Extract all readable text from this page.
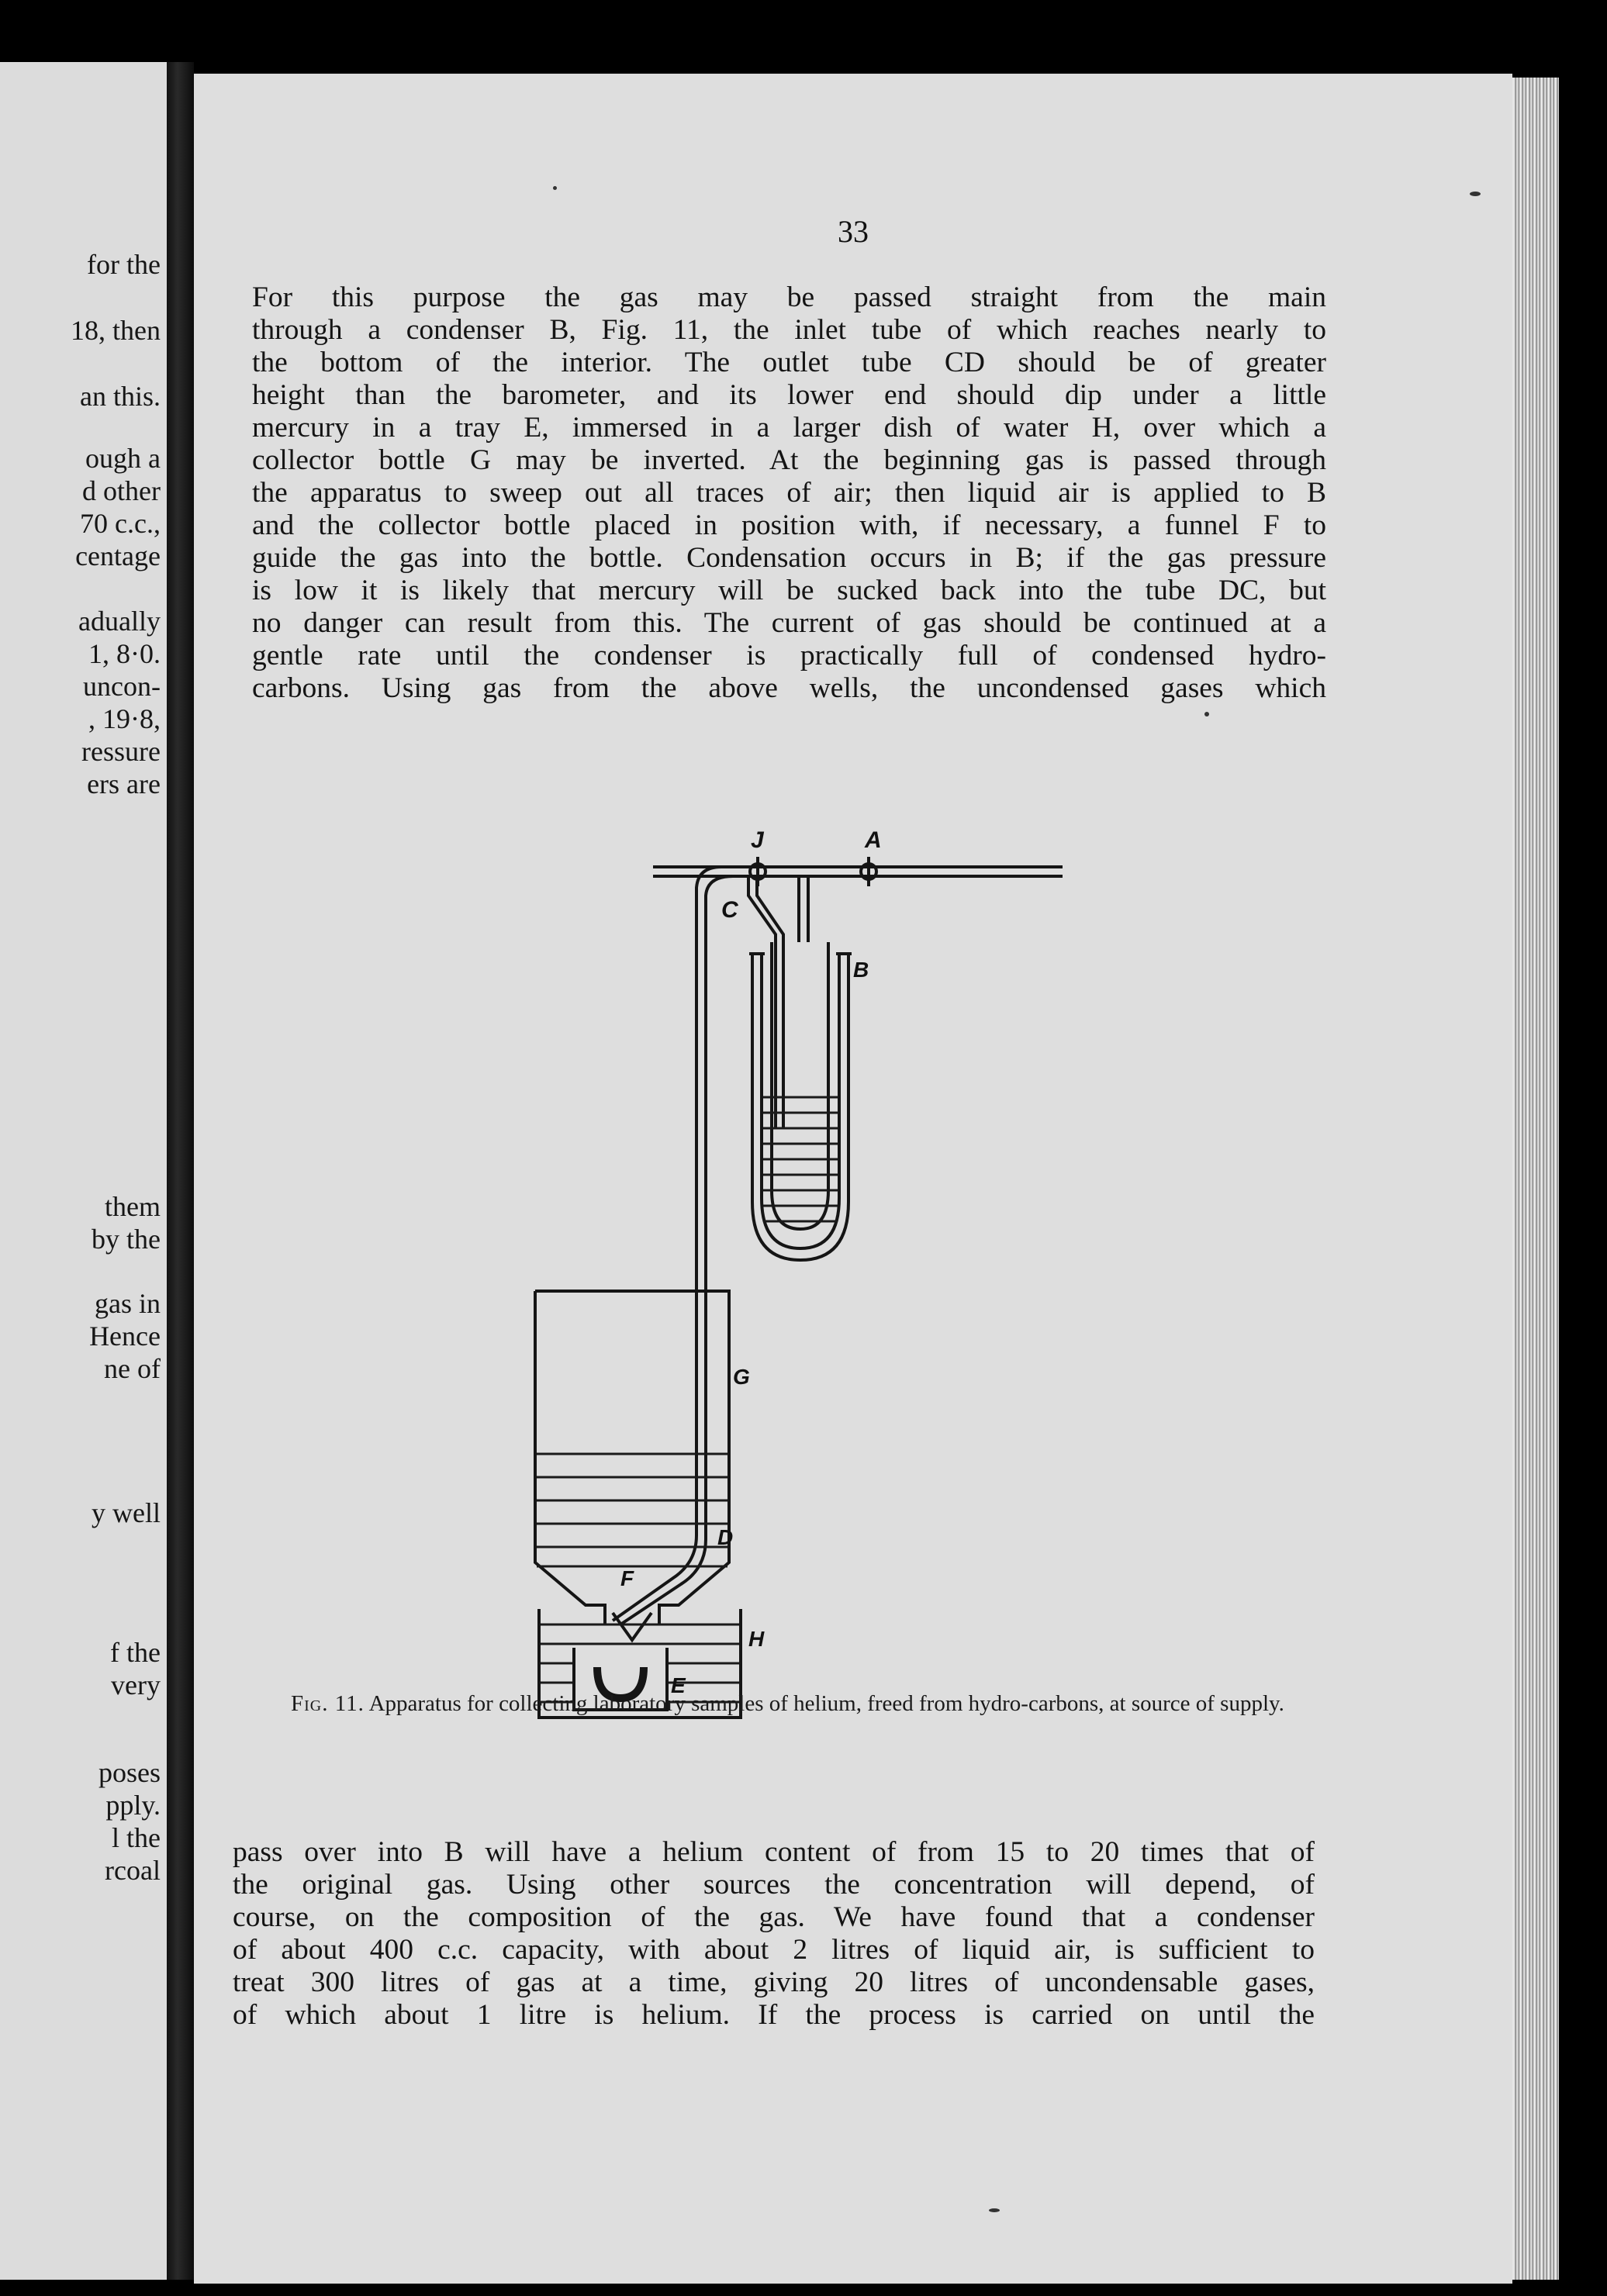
for the

18, then

an this.

ough a

d other

70 c.c.,

centage

adually

1, 8·0.

uncon-

, 19·8,

ressure

ers are

them

by the

gas in

Hence

ne of

y well

f the

very

poses

pply.

l the

rcoal

33

For this purpose the gas may be passed straight from the main
through a condenser B, Fig. 11, the inlet tube of which reaches nearly to
the bottom of the interior. The outlet tube CD should be of greater
height than the barometer, and its lower end should dip under a little
mercury in a tray E, immersed in a larger dish of water H, over which a
collector bottle G may be inverted. At the beginning gas is passed through
the apparatus to sweep out all traces of air; then liquid air is applied to B
and the collector bottle placed in position with, if necessary, a funnel F to
guide the gas into the bottle. Condensation occurs in B; if the gas pressure
is low it is likely that mercury will be sucked back into the tube DC, but
no danger can result from this. The current of gas should be continued at a
gentle rate until the condenser is practically full of condensed hydro-
carbons. Using gas from the above wells, the uncondensed gases which
J	A
C
B
G
D
F
H
E

Fig. 11. Apparatus for collecting laboratory samples of helium, freed from hydro-carbons, at source of supply.

pass over into B will have a helium content of from 15 to 20 times that of
the original gas. Using other sources the concentration will depend, of
course, on the composition of the gas. We have found that a condenser
of about 400 c.c. capacity, with about 2 litres of liquid air, is sufficient to
treat 300 litres of gas at a time, giving 20 litres of uncondensable gases,
of which about 1 litre is helium. If the process is carried on until the
